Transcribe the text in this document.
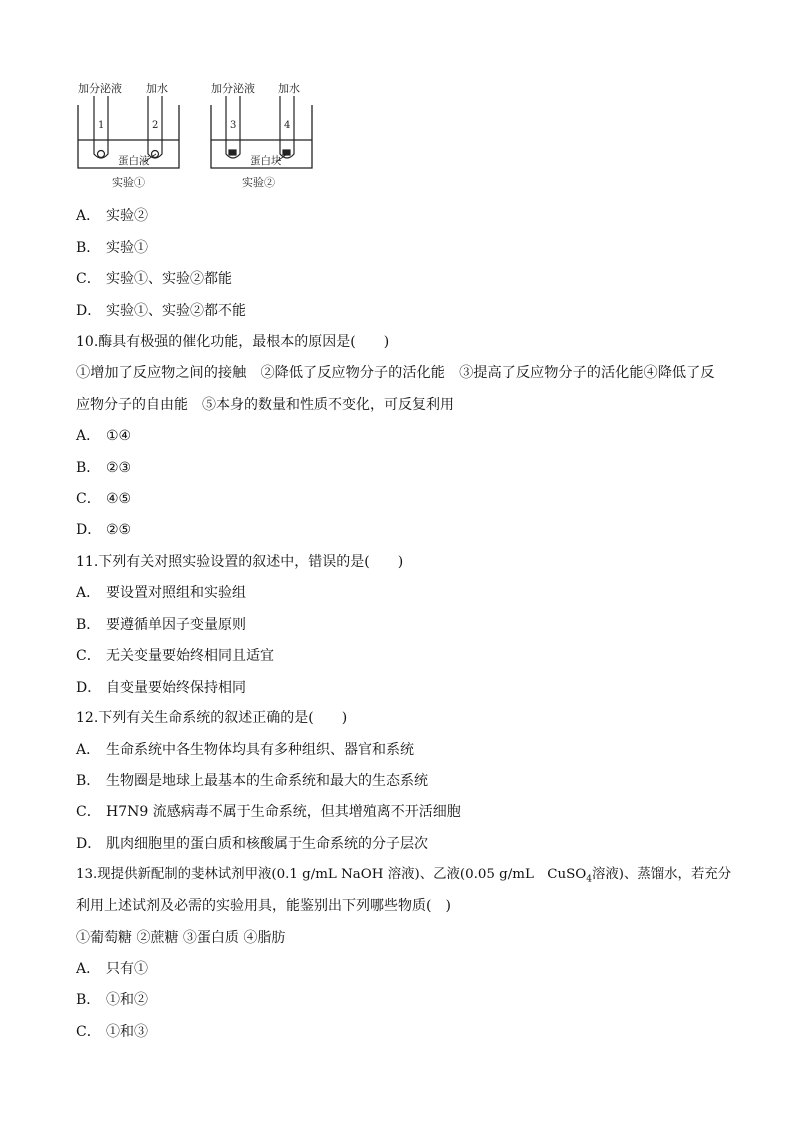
加分泌液 加水	加分泌液 加水
1	2	3	4
蛋白液	蛋白块
实验①	实验②
A． 实验②
B． 实验①
C． 实验①、实验②都能
D． 实验①、实验②都不能
10.酶具有极强的催化功能，最根本的原因是(　　)
①增加了反应物之间的接触　②降低了反应物分子的活化能　③提高了反应物分子的活化能④降低了反
应物分子的自由能　⑤本身的数量和性质不变化，可反复利用
A． ①④
B． ②③
C． ④⑤
D． ②⑤
11.下列有关对照实验设置的叙述中，错误的是(　　)
A． 要设置对照组和实验组
B． 要遵循单因子变量原则
C． 无关变量要始终相同且适宜
D． 自变量要始终保持相同
12.下列有关生命系统的叙述正确的是(　　)
A． 生命系统中各生物体均具有多种组织、器官和系统
B． 生物圈是地球上最基本的生命系统和最大的生态系统
C． H7N9 流感病毒不属于生命系统，但其增殖离不开活细胞
D． 肌肉细胞里的蛋白质和核酸属于生命系统的分子层次
13.现提供新配制的斐林试剂甲液(0.1 g/mL NaOH 溶液)、乙液(0.05 g/mL　CuSO$_4$溶液)、蒸馏水，若充分
利用上述试剂及必需的实验用具，能鉴别出下列哪些物质(　)
①葡萄糖 ②蔗糖 ③蛋白质 ④脂肪
A． 只有①
B． ①和②
C． ①和③
